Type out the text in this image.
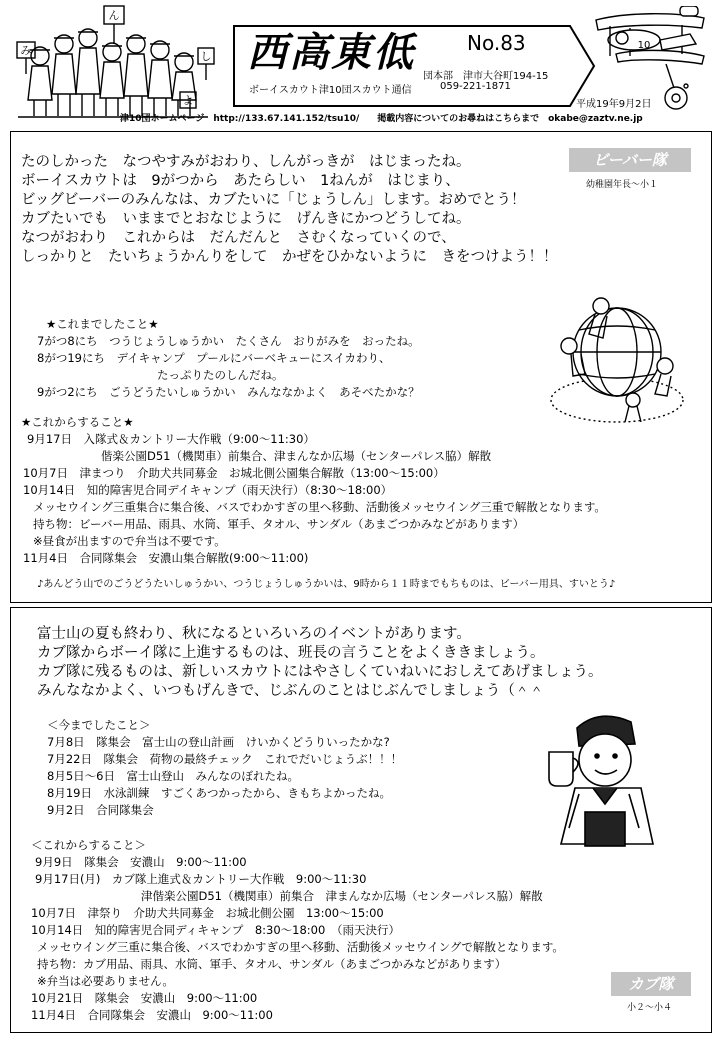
み
ん
し
よ
西高東低	No.83
団本部　津市大谷町194-15
059-221-1871
ボーイスカウト津10団スカウト通信
10
平成19年9月2日
津10団ホームページ　http://133.67.141.152/tsu10/　　掲載内容についてのお尋ねはこちらまで　okabe@zaztv.ne.jp
ビーバー隊
幼稚園年長～小１
たのしかった　なつやすみがおわり、しんがっきが　はじまったね。
ボーイスカウトは　9がつから　あたらしい　1ねんが　はじまり、
ビッグビーバーのみんなは、カブたいに「じょうしん」します。おめでとう！
カブたいでも　いままでとおなじように　げんきにかつどうしてね。
なつがおわり　これからは　だんだんと　さむくなっていくので、
しっかりと　たいちょうかんりをして　かぜをひかないように　きをつけよう！！
★これまでしたこと★
7がつ8にち　つうじょうしゅうかい　たくさん　おりがみを　おったね。
8がつ19にち　デイキャンプ　プールにバーベキューにスイカわり、
たっぷりたのしんだね。
9がつ2にち　ごうどうたいしゅうかい　みんななかよく　あそべたかな？
★これからすること★
9月17日　入隊式＆カントリー大作戦（9:00～11:30）
偕楽公園D51（機関車）前集合、津まんなか広場（センターパレス脇）解散
10月7日　津まつり　介助犬共同募金　お城北側公園集合解散（13:00～15:00）
10月14日　知的障害児合同デイキャンプ（雨天決行）（8:30～18:00）
メッセウイング三重集合に集合後、バスでわかすぎの里へ移動、活動後メッセウイング三重で解散となります。
持ち物：ビーバー用品、雨具、水筒、軍手、タオル、サンダル（あまごつかみなどがあります）
※昼食が出ますので弁当は不要です。
11月4日　合同隊集会　安濃山集合解散(9:00～11:00)
♪あんどう山でのごうどうたいしゅうかい、つうじょうしゅうかいは、9時から１１時までもちものは、ビーバー用具、すいとう♪
富士山の夏も終わり、秋になるといろいろのイベントがあります。
カブ隊からボーイ隊に上進するものは、班長の言うことをよくききましょう。
カブ隊に残るものは、新しいスカウトにはやさしくていねいにおしえてあげましょう。
みんななかよく、いつもげんきで、じぶんのことはじぶんでしましょう（＾＾
＜今までしたこと＞
7月8日　隊集会　富士山の登山計画　けいかくどうりいったかな?
7月22日　隊集会　荷物の最終チェック　これでだいじょうぶ！！！
8月5日～6日　富士山登山　みんなのぼれたね。
8月19日　水泳訓練　すごくあつかったから、きもちよかったね。
9月2日　合同隊集会
＜これからすること＞
9月9日　隊集会　安濃山　9:00～11:00
9月17日(月)　カブ隊上進式＆カントリー大作戦　9:00～11:30
津偕楽公園D51（機関車）前集合　津まんなか広場（センターパレス脇）解散
10月7日　津祭り　介助犬共同募金　お城北側公園　13:00～15:00
10月14日　知的障害児合同ディキャンプ　8:30～18:00　（雨天決行）
メッセウイング三重に集合後、バスでわかすぎの里へ移動、活動後メッセウイングで解散となります。
持ち物：カブ用品、雨具、水筒、軍手、タオル、サンダル（あまごつかみなどがあります）
※弁当は必要ありません。
10月21日　隊集会　安濃山　9:00～11:00
11月4日　合同隊集会　安濃山　9:00～11:00
カブ隊
小２～小４
